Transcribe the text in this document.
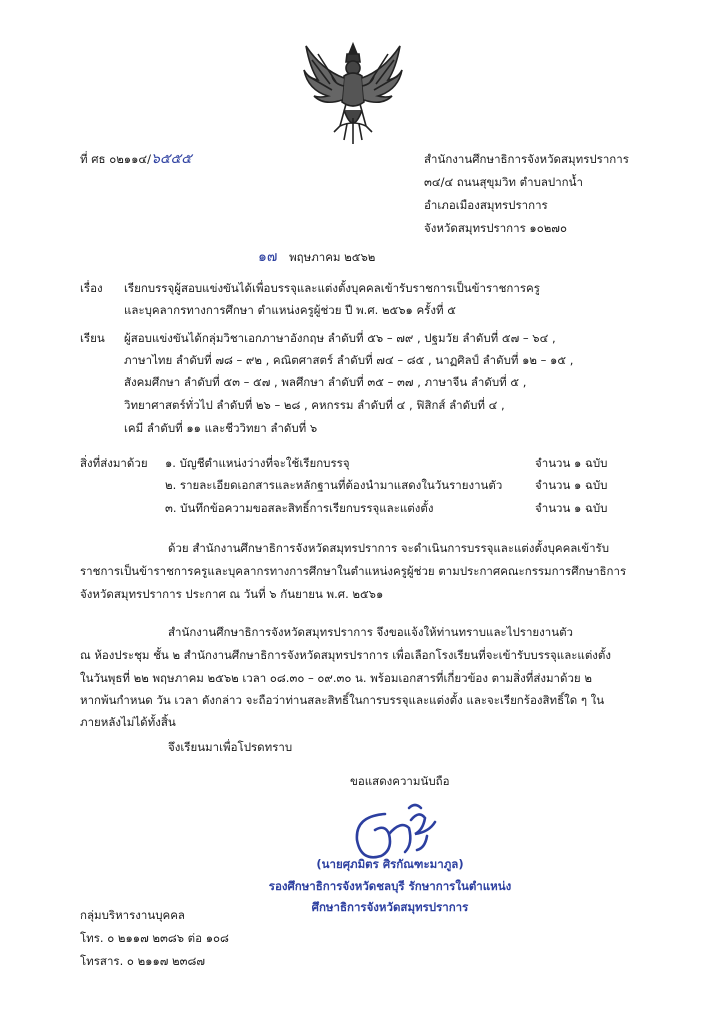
ที่ ศธ ๐๒๑๑๔/๖๕๕๕	สำนักงานศึกษาธิการจังหวัดสมุทรปราการ
๓๔/๔ ถนนสุขุมวิท ตำบลปากน้ำ
อำเภอเมืองสมุทรปราการ
จังหวัดสมุทรปราการ ๑๐๒๗๐
๑๗ พฤษภาคม ๒๕๖๒
เรื่อง เรียกบรรจุผู้สอบแข่งขันได้เพื่อบรรจุและแต่งตั้งบุคคลเข้ารับราชการเป็นข้าราชการครู
และบุคลากรทางการศึกษา ตำแหน่งครูผู้ช่วย ปี พ.ศ. ๒๕๖๑ ครั้งที่ ๕
เรียน ผู้สอบแข่งขันได้กลุ่มวิชาเอกภาษาอังกฤษ ลำดับที่ ๕๖ – ๗๙ , ปฐมวัย ลำดับที่ ๕๗ – ๖๔ ,
ภาษาไทย ลำดับที่ ๗๘ – ๙๒ , คณิตศาสตร์ ลำดับที่ ๗๔ – ๘๕ , นาฏศิลป์ ลำดับที่ ๑๒ – ๑๕ ,
สังคมศึกษา ลำดับที่ ๕๓ – ๕๗ , พลศึกษา ลำดับที่ ๓๕ – ๓๗ , ภาษาจีน ลำดับที่ ๕ ,
วิทยาศาสตร์ทั่วไป ลำดับที่ ๒๖ – ๒๘ , คหกรรม ลำดับที่ ๔ , ฟิสิกส์ ลำดับที่ ๔ ,
เคมี ลำดับที่ ๑๑ และชีววิทยา ลำดับที่ ๖
สิ่งที่ส่งมาด้วย ๑. บัญชีตำแหน่งว่างที่จะใช้เรียกบรรจุ	จำนวน ๑ ฉบับ
๒. รายละเอียดเอกสารและหลักฐานที่ต้องนำมาแสดงในวันรายงานตัว	จำนวน ๑ ฉบับ
๓. บันทึกข้อความขอสละสิทธิ์การเรียกบรรจุและแต่งตั้ง	จำนวน ๑ ฉบับ
ด้วย สำนักงานศึกษาธิการจังหวัดสมุทรปราการ จะดำเนินการบรรจุและแต่งตั้งบุคคลเข้ารับ
ราชการเป็นข้าราชการครูและบุคลากรทางการศึกษาในตำแหน่งครูผู้ช่วย ตามประกาศคณะกรรมการศึกษาธิการ
จังหวัดสมุทรปราการ ประกาศ ณ วันที่ ๖ กันยายน พ.ศ. ๒๕๖๑
สำนักงานศึกษาธิการจังหวัดสมุทรปราการ จึงขอแจ้งให้ท่านทราบและไปรายงานตัว
ณ ห้องประชุม ชั้น ๒ สำนักงานศึกษาธิการจังหวัดสมุทรปราการ เพื่อเลือกโรงเรียนที่จะเข้ารับบรรจุและแต่งตั้ง
ในวันพุธที่ ๒๒ พฤษภาคม ๒๕๖๒ เวลา ๐๘.๓๐ – ๐๙.๓๐ น. พร้อมเอกสารที่เกี่ยวข้อง ตามสิ่งที่ส่งมาด้วย ๒
หากพ้นกำหนด วัน เวลา ดังกล่าว จะถือว่าท่านสละสิทธิ์ในการบรรจุและแต่งตั้ง และจะเรียกร้องสิทธิ์ใด ๆ ใน
ภายหลังไม่ได้ทั้งสิ้น
จึงเรียนมาเพื่อโปรดทราบ
ขอแสดงความนับถือ
(นายศุภมิตร ศิรกัณฑะมาภูล)
รองศึกษาธิการจังหวัดชลบุรี รักษาการในตำแหน่ง
ศึกษาธิการจังหวัดสมุทรปราการ
กลุ่มบริหารงานบุคคล
โทร. ๐ ๒๑๑๗ ๒๓๘๖ ต่อ ๑๐๘
โทรสาร. ๐ ๒๑๑๗ ๒๓๘๗
